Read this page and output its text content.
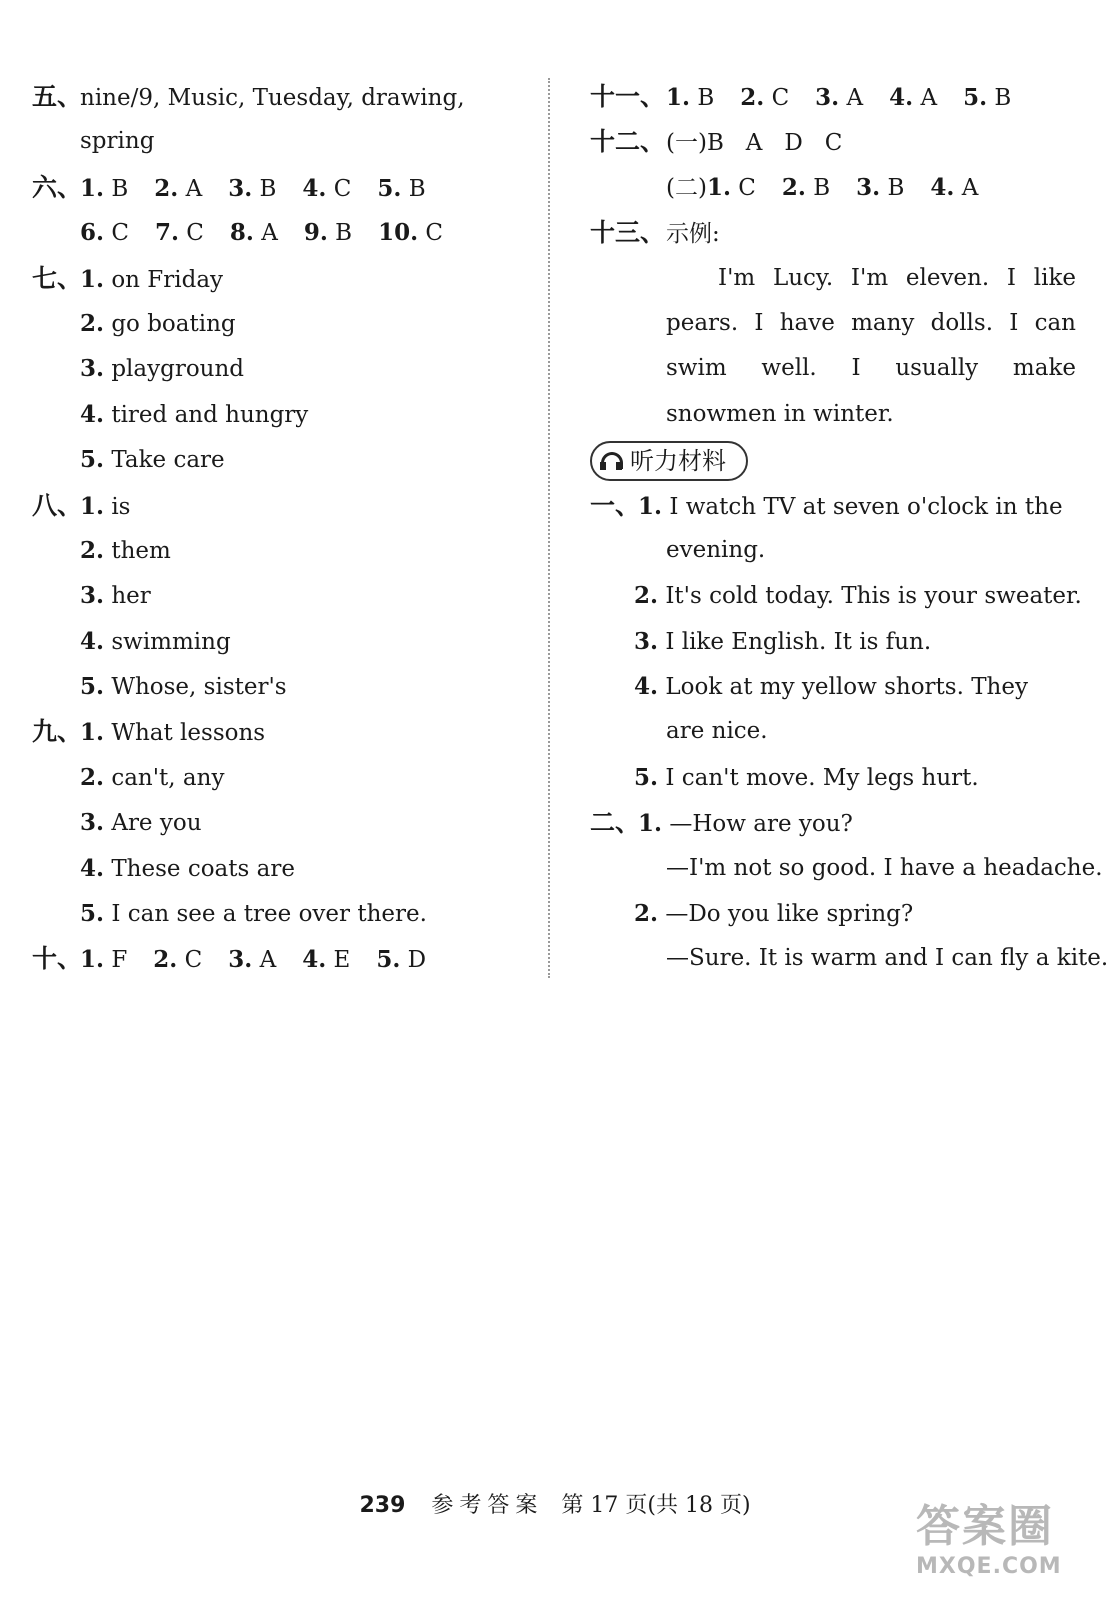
五、nine/9, Music, Tuesday, drawing,
spring
六、1. B 2. A 3. B 4. C 5. B
6. C 7. C 8. A 9. B 10. C
七、1. on Friday
2. go boating
3. playground
4. tired and hungry
5. Take care
八、1. is
2. them
3. her
4. swimming
5. Whose, sister's
九、1. What lessons
2. can't, any
3. Are you
4. These coats are
5. I can see a tree over there.
十、1. F 2. C 3. A 4. E 5. D
十一、1. B 2. C 3. A 4. A 5. B
十二、(一)B   A   D   C
(二)1. C 2. B 3. B 4. A
十三、示例:
I'm Lucy. I'm eleven. I like
pears. I have many dolls. I can
swim well. I usually make
snowmen in winter.
听力材料
一、1. I watch TV at seven o'clock in the
evening.
2. It's cold today. This is your sweater.
3. I like English. It is fun.
4. Look at my yellow shorts. They
are nice.
5. I can't move. My legs hurt.
二、1. —How are you?
—I'm not so good. I have a headache.
2. —Do you like spring?
—Sure. It is warm and I can fly a kite.
239 参考答案 第 17 页(共 18 页)	答案圈
MXQE.COM
